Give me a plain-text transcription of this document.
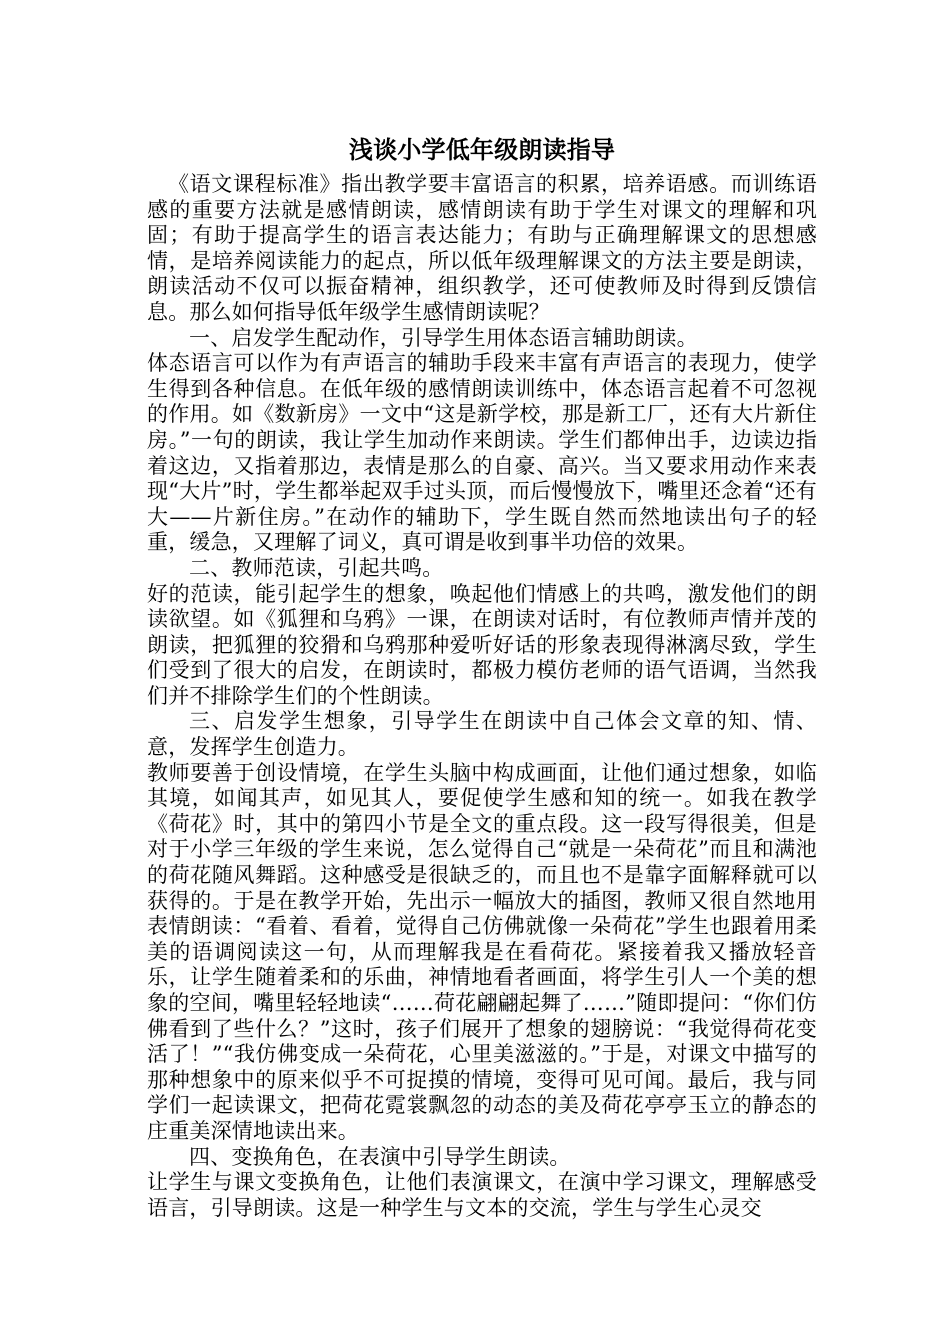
浅谈小学低年级朗读指导

《语文课程标准》指出教学要丰富语言的积累，培养语感。而训练语感的重要方法就是感情朗读，感情朗读有助于学生对课文的理解和巩固；有助于提高学生的语言表达能力；有助与正确理解课文的思想感情，是培养阅读能力的起点，所以低年级理解课文的方法主要是朗读，朗读活动不仅可以振奋精神，组织教学，还可使教师及时得到反馈信息。那么如何指导低年级学生感情朗读呢？

一、启发学生配动作，引导学生用体态语言辅助朗读。

体态语言可以作为有声语言的辅助手段来丰富有声语言的表现力，使学生得到各种信息。在低年级的感情朗读训练中，体态语言起着不可忽视的作用。如《数新房》一文中“这是新学校，那是新工厂，还有大片新住房。”一句的朗读，我让学生加动作来朗读。学生们都伸出手，边读边指着这边，又指着那边，表情是那么的自豪、高兴。当又要求用动作来表现“大片”时，学生都举起双手过头顶，而后慢慢放下，嘴里还念着“还有大——片新住房。”在动作的辅助下，学生既自然而然地读出句子的轻重，缓急，又理解了词义，真可谓是收到事半功倍的效果。

二、教师范读，引起共鸣。

好的范读，能引起学生的想象，唤起他们情感上的共鸣，激发他们的朗读欲望。如《狐狸和乌鸦》一课，在朗读对话时，有位教师声情并茂的朗读，把狐狸的狡猾和乌鸦那种爱听好话的形象表现得淋漓尽致，学生们受到了很大的启发，在朗读时，都极力模仿老师的语气语调，当然我们并不排除学生们的个性朗读。

三、启发学生想象，引导学生在朗读中自己体会文章的知、情、意，发挥学生创造力。

教师要善于创设情境，在学生头脑中构成画面，让他们通过想象，如临其境，如闻其声，如见其人，要促使学生感和知的统一。如我在教学《荷花》时，其中的第四小节是全文的重点段。这一段写得很美，但是对于小学三年级的学生来说，怎么觉得自己“就是一朵荷花”而且和满池的荷花随风舞蹈。这种感受是很缺乏的，而且也不是靠字面解释就可以获得的。于是在教学开始，先出示一幅放大的插图，教师又很自然地用表情朗读：“看着、看着，觉得自己仿佛就像一朵荷花”学生也跟着用柔美的语调阅读这一句，从而理解我是在看荷花。紧接着我又播放轻音乐，让学生随着柔和的乐曲，神情地看者画面，将学生引人一个美的想象的空间，嘴里轻轻地读“……荷花翩翩起舞了……”随即提问：“你们仿佛看到了些什么？”这时，孩子们展开了想象的翅膀说：“我觉得荷花变活了！”“我仿佛变成一朵荷花，心里美滋滋的。”于是，对课文中描写的那种想象中的原来似乎不可捉摸的情境，变得可见可闻。最后，我与同学们一起读课文，把荷花霓裳飘忽的动态的美及荷花亭亭玉立的静态的庄重美深情地读出来。

四、变换角色，在表演中引导学生朗读。

让学生与课文变换角色，让他们表演课文，在演中学习课文，理解感受语言，引导朗读。这是一种学生与文本的交流，学生与学生心灵交
